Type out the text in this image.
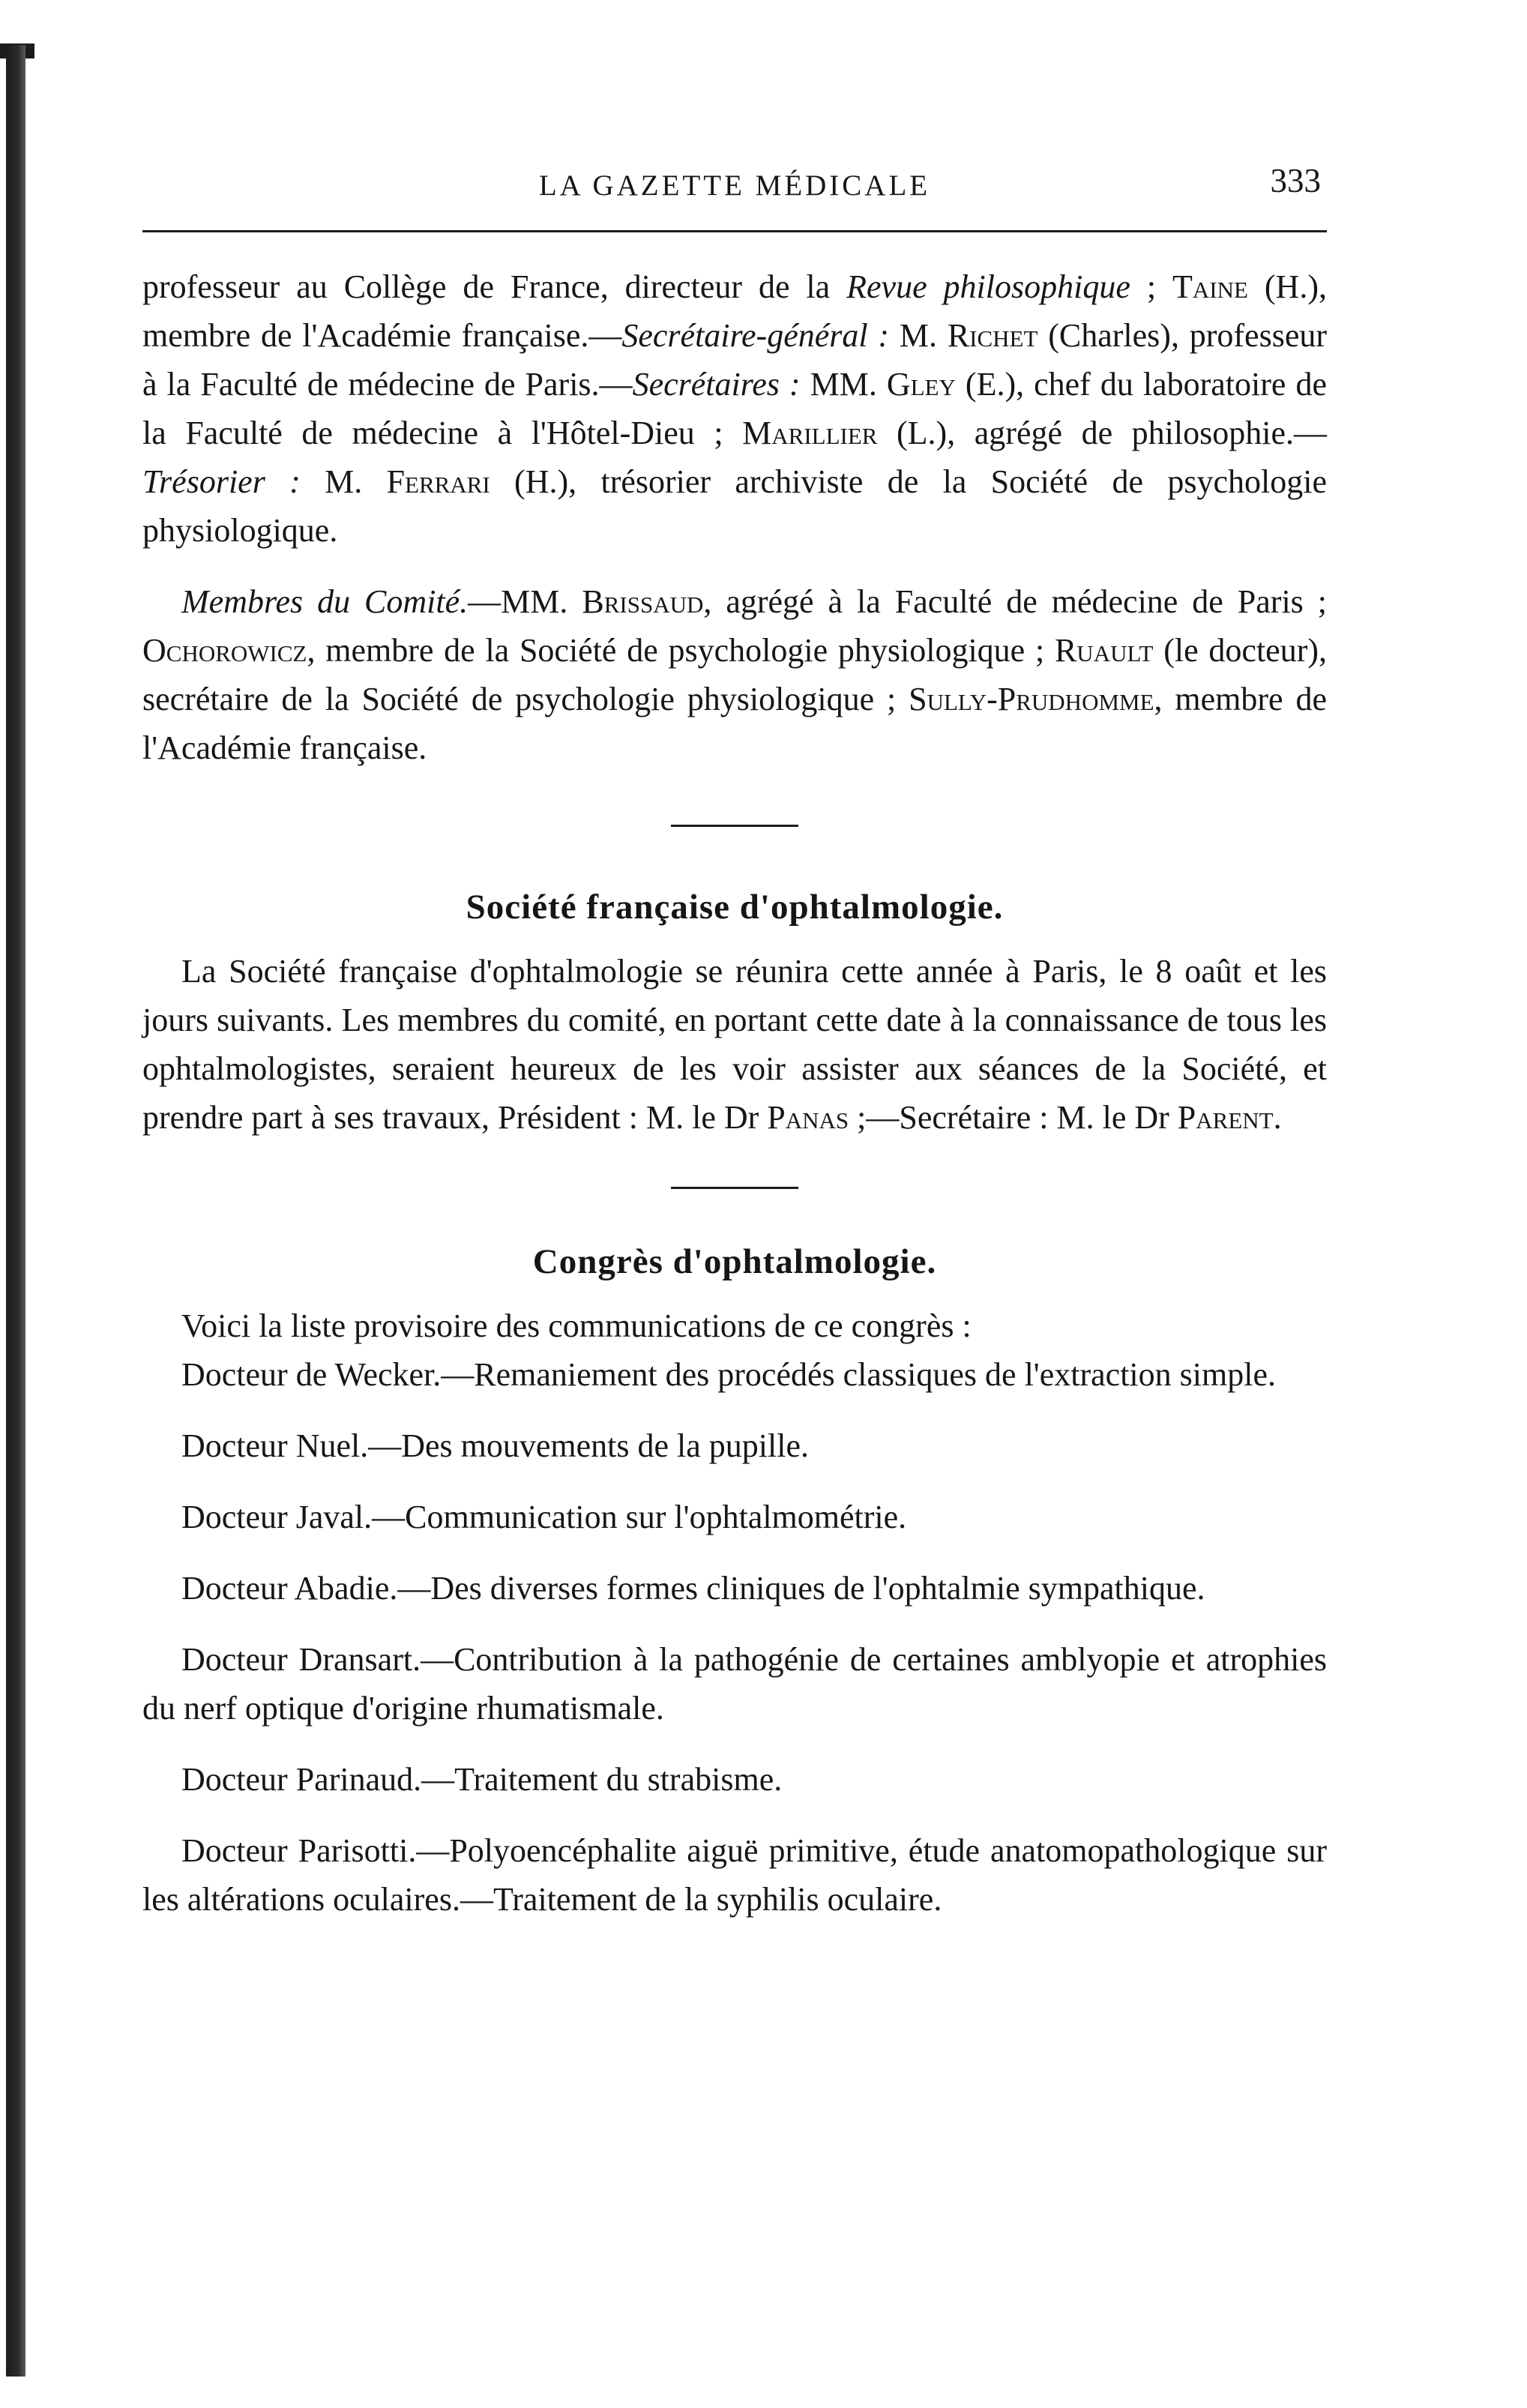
LA GAZETTE MÉDICALE	333

professeur au Collège de France, directeur de la Revue philosophique ; Taine (H.), membre de l'Académie française.—Secrétaire-général : M. Richet (Charles), professeur à la Faculté de médecine de Paris.—Secrétaires : MM. Gley (E.), chef du laboratoire de la Faculté de médecine à l'Hôtel-Dieu ; Marillier (L.), agrégé de philosophie.—Trésorier : M. Ferrari (H.), trésorier archiviste de la Société de psychologie physiologique.

Membres du Comité.—MM. Brissaud, agrégé à la Faculté de médecine de Paris ; Ochorowicz, membre de la Société de psychologie physiologique ; Ruault (le docteur), secrétaire de la Société de psychologie physiologique ; Sully-Prudhomme, membre de l'Académie française.

Société française d'ophtalmologie.

La Société française d'ophtalmologie se réunira cette année à Paris, le 8 oaût et les jours suivants. Les membres du comité, en portant cette date à la connaissance de tous les ophtalmologistes, seraient heureux de les voir assister aux séances de la Société, et prendre part à ses travaux, Président : M. le Dr Panas ;—Secrétaire : M. le Dr Parent.

Congrès d'ophtalmologie.

Voici la liste provisoire des communications de ce congrès :

Docteur de Wecker.—Remaniement des procédés classiques de l'extraction simple.

Docteur Nuel.—Des mouvements de la pupille.

Docteur Javal.—Communication sur l'ophtalmométrie.

Docteur Abadie.—Des diverses formes cliniques de l'ophtalmie sympathique.

Docteur Dransart.—Contribution à la pathogénie de certaines amblyopie et atrophies du nerf optique d'origine rhumatismale.

Docteur Parinaud.—Traitement du strabisme.

Docteur Parisotti.—Polyoencéphalite aiguë primitive, étude anatomopathologique sur les altérations oculaires.—Traitement de la syphilis oculaire.
